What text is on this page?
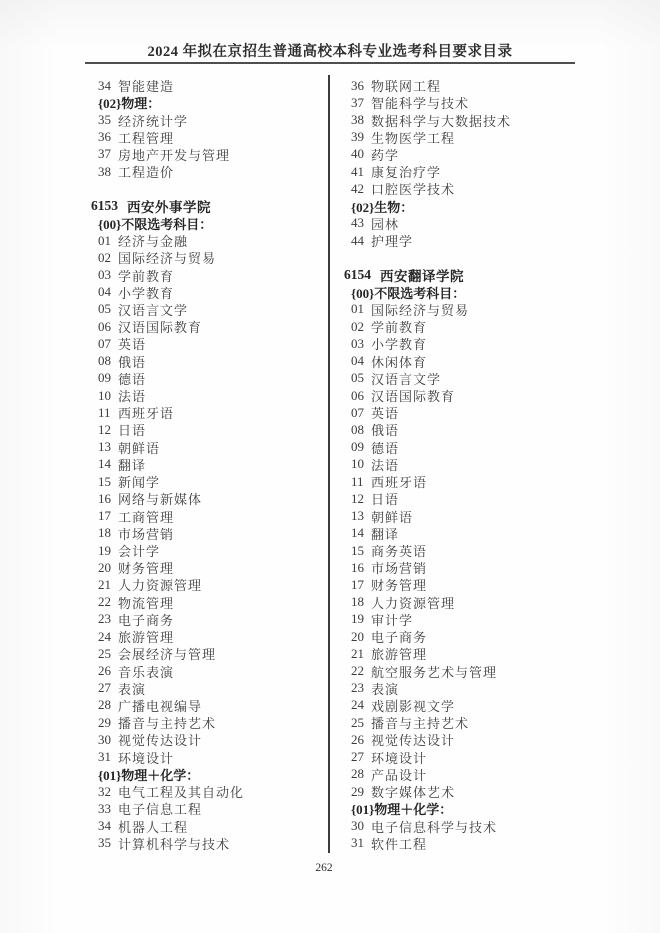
2024 年拟在京招生普通高校本科专业选考科目要求目录
34 智能建造
{02}物理：
35 经济统计学
36 工程管理
37 房地产开发与管理
38 工程造价
6153 西安外事学院
{00}不限选考科目：
01 经济与金融
02 国际经济与贸易
03 学前教育
04 小学教育
05 汉语言文学
06 汉语国际教育
07 英语
08 俄语
09 德语
10 法语
11 西班牙语
12 日语
13 朝鲜语
14 翻译
15 新闻学
16 网络与新媒体
17 工商管理
18 市场营销
19 会计学
20 财务管理
21 人力资源管理
22 物流管理
23 电子商务
24 旅游管理
25 会展经济与管理
26 音乐表演
27 表演
28 广播电视编导
29 播音与主持艺术
30 视觉传达设计
31 环境设计
{01}物理＋化学：
32 电气工程及其自动化
33 电子信息工程
34 机器人工程
35 计算机科学与技术
36 物联网工程
37 智能科学与技术
38 数据科学与大数据技术
39 生物医学工程
40 药学
41 康复治疗学
42 口腔医学技术
{02}生物：
43 园林
44 护理学
6154 西安翻译学院
{00}不限选考科目：
01 国际经济与贸易
02 学前教育
03 小学教育
04 休闲体育
05 汉语言文学
06 汉语国际教育
07 英语
08 俄语
09 德语
10 法语
11 西班牙语
12 日语
13 朝鲜语
14 翻译
15 商务英语
16 市场营销
17 财务管理
18 人力资源管理
19 审计学
20 电子商务
21 旅游管理
22 航空服务艺术与管理
23 表演
24 戏剧影视文学
25 播音与主持艺术
26 视觉传达设计
27 环境设计
28 产品设计
29 数字媒体艺术
{01}物理＋化学：
30 电子信息科学与技术
31 软件工程
262
